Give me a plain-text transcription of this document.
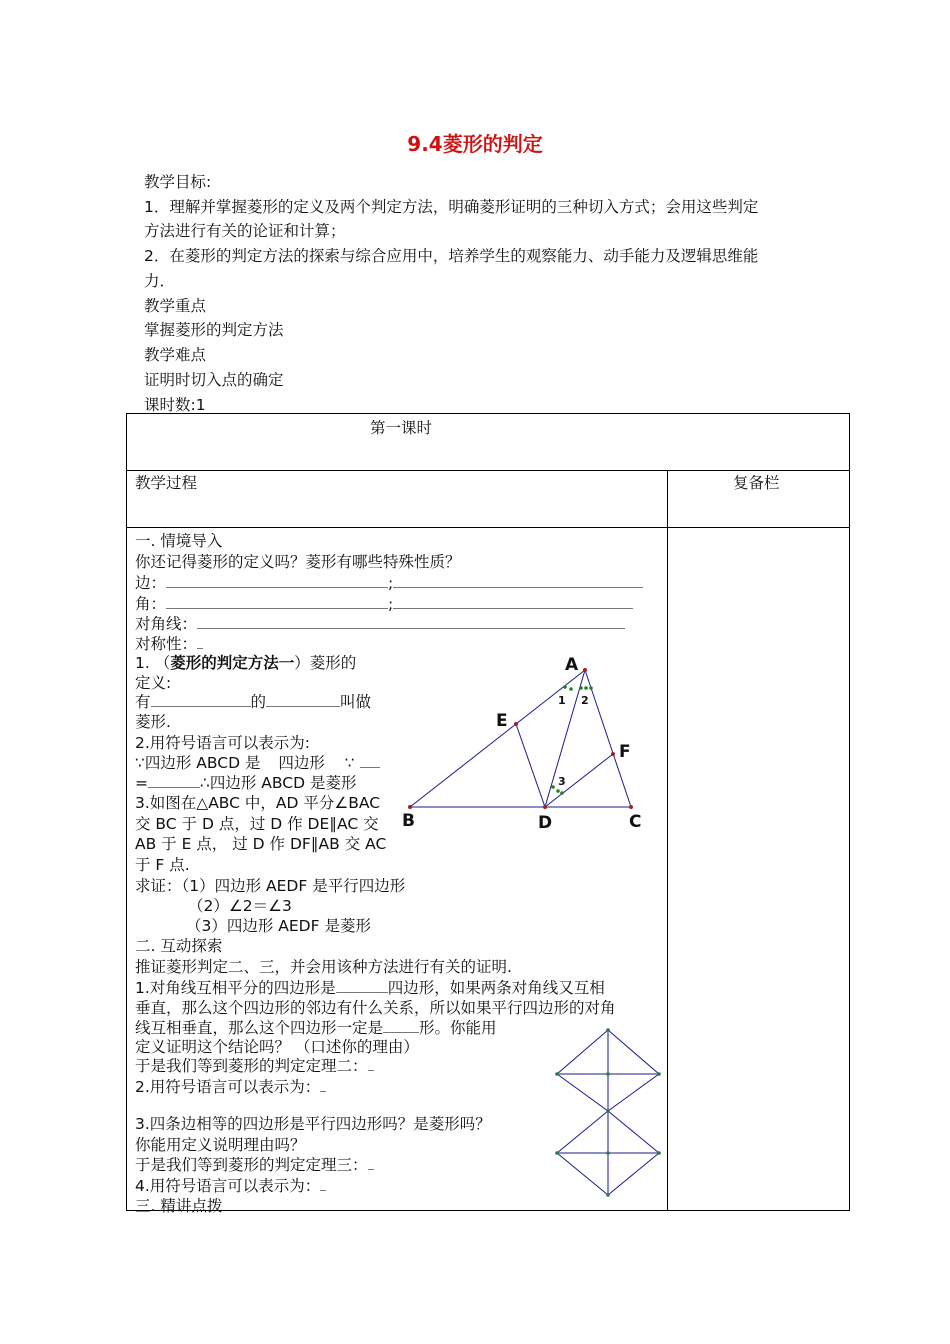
9.4菱形的判定
教学目标:
1．理解并掌握菱形的定义及两个判定方法，明确菱形证明的三种切入方式；会用这些判定
方法进行有关的论证和计算；
2．在菱形的判定方法的探索与综合应用中，培养学生的观察能力、动手能力及逻辑思维能
力．
教学重点
掌握菱形的判定方法
教学难点
证明时切入点的确定
课时数:1
第一课时
教学过程	复备栏
一. 情境导入
你还记得菱形的定义吗？菱形有哪些特殊性质？
边：	;
角：	;
对角线：
对称性：
1. （菱形的判定方法一）菱形的
定义:
有	的	叫做
菱形.
2.用符号语言可以表示为:
∵四边形 ABCD 是 四边形 ∵
=	∴四边形 ABCD 是菱形
3.如图在△ABC 中，AD 平分∠BAC
交 BC 于 D 点，过 D 作 DE∥AC 交
AB 于 E 点， 过 D 作 DF∥AB 交 AC
于 F 点.
求证：（1）四边形 AEDF 是平行四边形
（2）∠2＝∠3
（3）四边形 AEDF 是菱形
二. 互动探索
推证菱形判定二、三，并会用该种方法进行有关的证明.
1.对角线互相平分的四边形是	四边形，如果两条对角线又互相
垂直，那么这个四边形的邻边有什么关系，所以如果平行四边形的对角
线互相垂直，那么这个四边形一定是 形。你能用
定义证明这个结论吗？ （口述你的理由）
于是我们等到菱形的判定定理二：
2.用符号语言可以表示为：
3.四条边相等的四边形是平行四边形吗？是菱形吗？
你能用定义说明理由吗？
于是我们等到菱形的判定定理三：
4.用符号语言可以表示为：
三. 精讲点拨
A
B	C
D
E
F
1 2
3
